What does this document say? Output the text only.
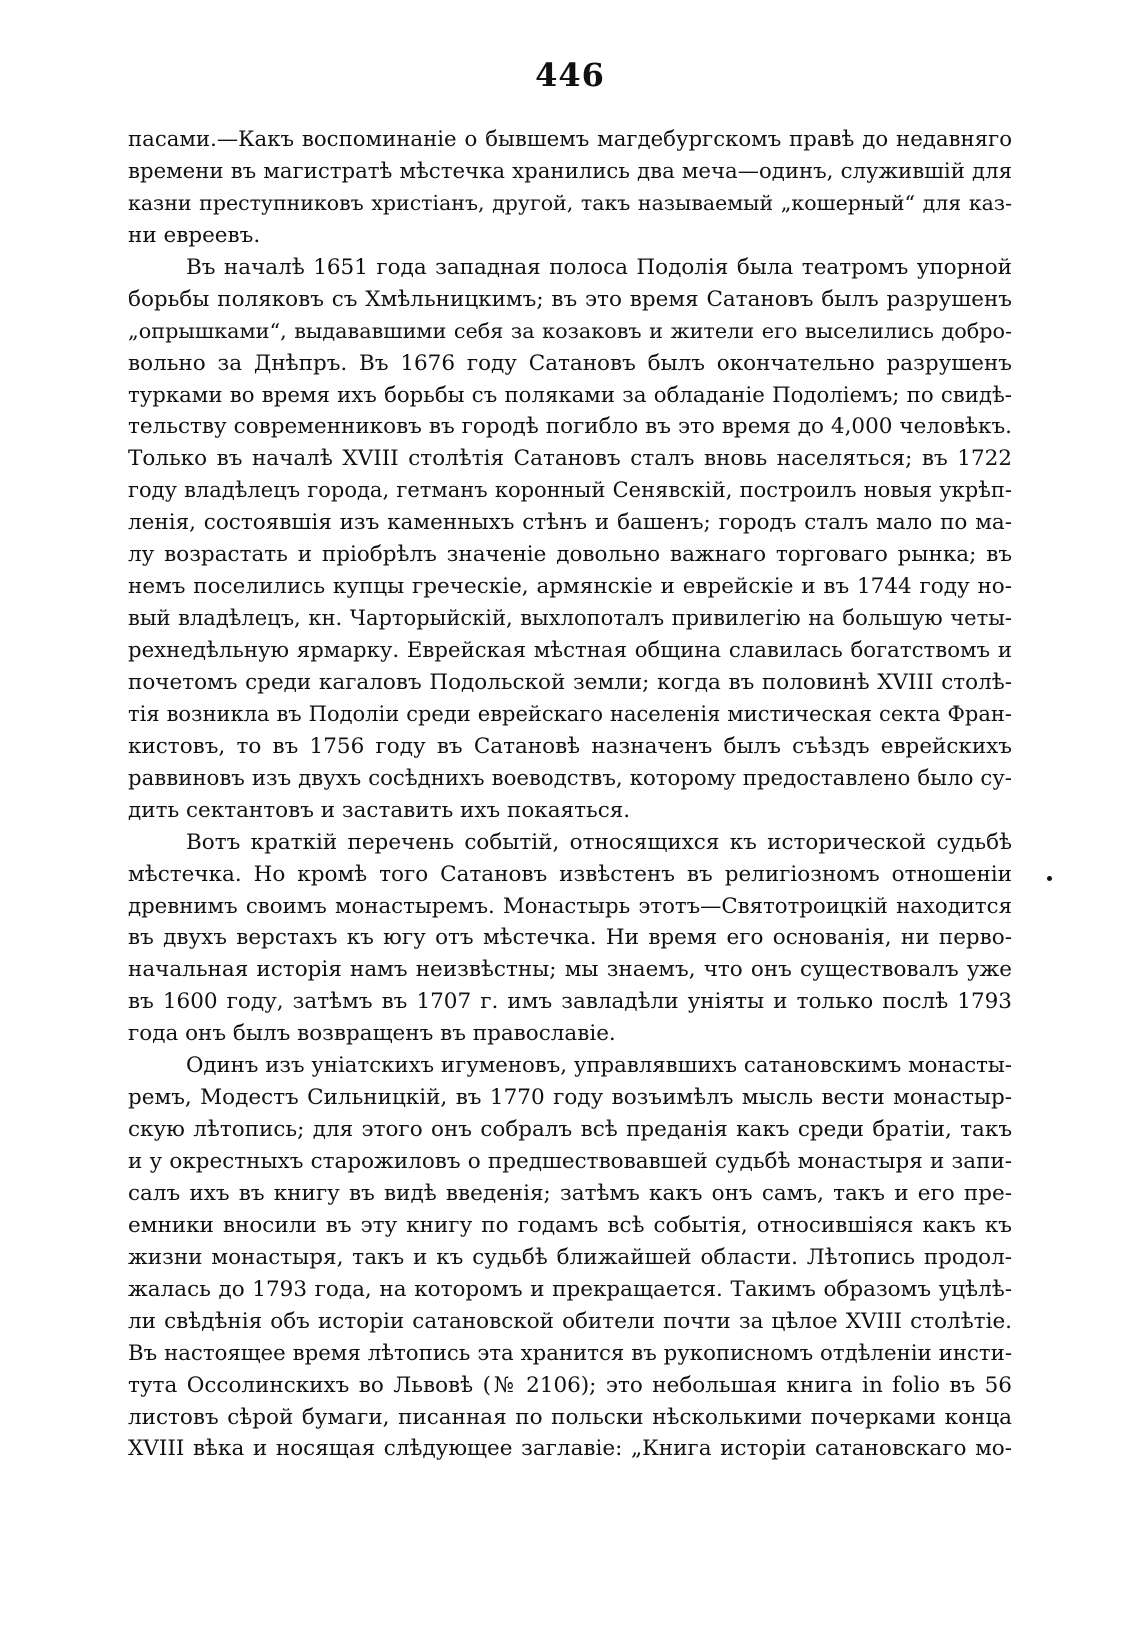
446
пасами.—Какъ воспоминаніе о бывшемъ магдебургскомъ правѣ до недавняго
времени въ магистратѣ мѣстечка хранились два меча—одинъ, служившій для
казни преступниковъ христіанъ, другой, такъ называемый „кошерный“ для каз-
ни евреевъ.
Въ началѣ 1651 года западная полоса Подолія была театромъ упорной
борьбы поляковъ съ Хмѣльницкимъ; въ это время Сатановъ былъ разрушенъ
„опрышками“, выдававшими себя за козаковъ и жители его выселились добро-
вольно за Днѣпръ. Въ 1676 году Сатановъ былъ окончательно разрушенъ
турками во время ихъ борьбы съ поляками за обладаніе Подоліемъ; по свидѣ-
тельству современниковъ въ городѣ погибло въ это время до 4,000 человѣкъ.
Только въ началѣ XVIII столѣтія Сатановъ сталъ вновь населяться; въ 1722
году владѣлецъ города, гетманъ коронный Сенявскій, построилъ новыя укрѣп-
ленія, состоявшія изъ каменныхъ стѣнъ и башенъ; городъ сталъ мало по ма-
лу возрастать и пріобрѣлъ значеніе довольно важнаго торговаго рынка; въ
немъ поселились купцы греческіе, армянскіе и еврейскіе и въ 1744 году но-
вый владѣлецъ, кн. Чарторыйскій, выхлопоталъ привилегію на большую четы-
рехнедѣльную ярмарку. Еврейская мѣстная община славилась богатствомъ и
почетомъ среди кагаловъ Подольской земли; когда въ половинѣ XVIII столѣ-
тія возникла въ Подоліи среди еврейскаго населенія мистическая секта Фран-
кистовъ, то въ 1756 году въ Сатановѣ назначенъ былъ съѣздъ еврейскихъ
раввиновъ изъ двухъ сосѣднихъ воеводствъ, которому предоставлено было су-
дить сектантовъ и заставить ихъ покаяться.
Вотъ краткій перечень событій, относящихся къ исторической судьбѣ
мѣстечка. Но кромѣ того Сатановъ извѣстенъ въ религіозномъ отношеніи
древнимъ своимъ монастыремъ. Монастырь этотъ—Святотроицкій находится
въ двухъ верстахъ къ югу отъ мѣстечка. Ни время его основанія, ни перво-
начальная исторія намъ неизвѣстны; мы знаемъ, что онъ существовалъ уже
въ 1600 году, затѣмъ въ 1707 г. имъ завладѣли уніяты и только послѣ 1793
года онъ былъ возвращенъ въ православіе.
Одинъ изъ уніатскихъ игуменовъ, управлявшихъ сатановскимъ монасты-
ремъ, Модестъ Сильницкій, въ 1770 году возъимѣлъ мысль вести монастыр-
скую лѣтопись; для этого онъ собралъ всѣ преданія какъ среди братіи, такъ
и у окрестныхъ старожиловъ о предшествовавшей судьбѣ монастыря и запи-
салъ ихъ въ книгу въ видѣ введенія; затѣмъ какъ онъ самъ, такъ и его пре-
емники вносили въ эту книгу по годамъ всѣ событія, относившіяся какъ къ
жизни монастыря, такъ и къ судьбѣ ближайшей области. Лѣтопись продол-
жалась до 1793 года, на которомъ и прекращается. Такимъ образомъ уцѣлѣ-
ли свѣдѣнія объ исторіи сатановской обители почти за цѣлое XVIII столѣтіе.
Въ настоящее время лѣтопись эта хранится въ рукописномъ отдѣленіи инсти-
тута Оссолинскихъ во Львовѣ (№ 2106); это небольшая книга in folio въ 56
листовъ сѣрой бумаги, писанная по польски нѣсколькими почерками конца
XVIII вѣка и носящая слѣдующее заглавіе: „Книга исторіи сатановскаго мо-
